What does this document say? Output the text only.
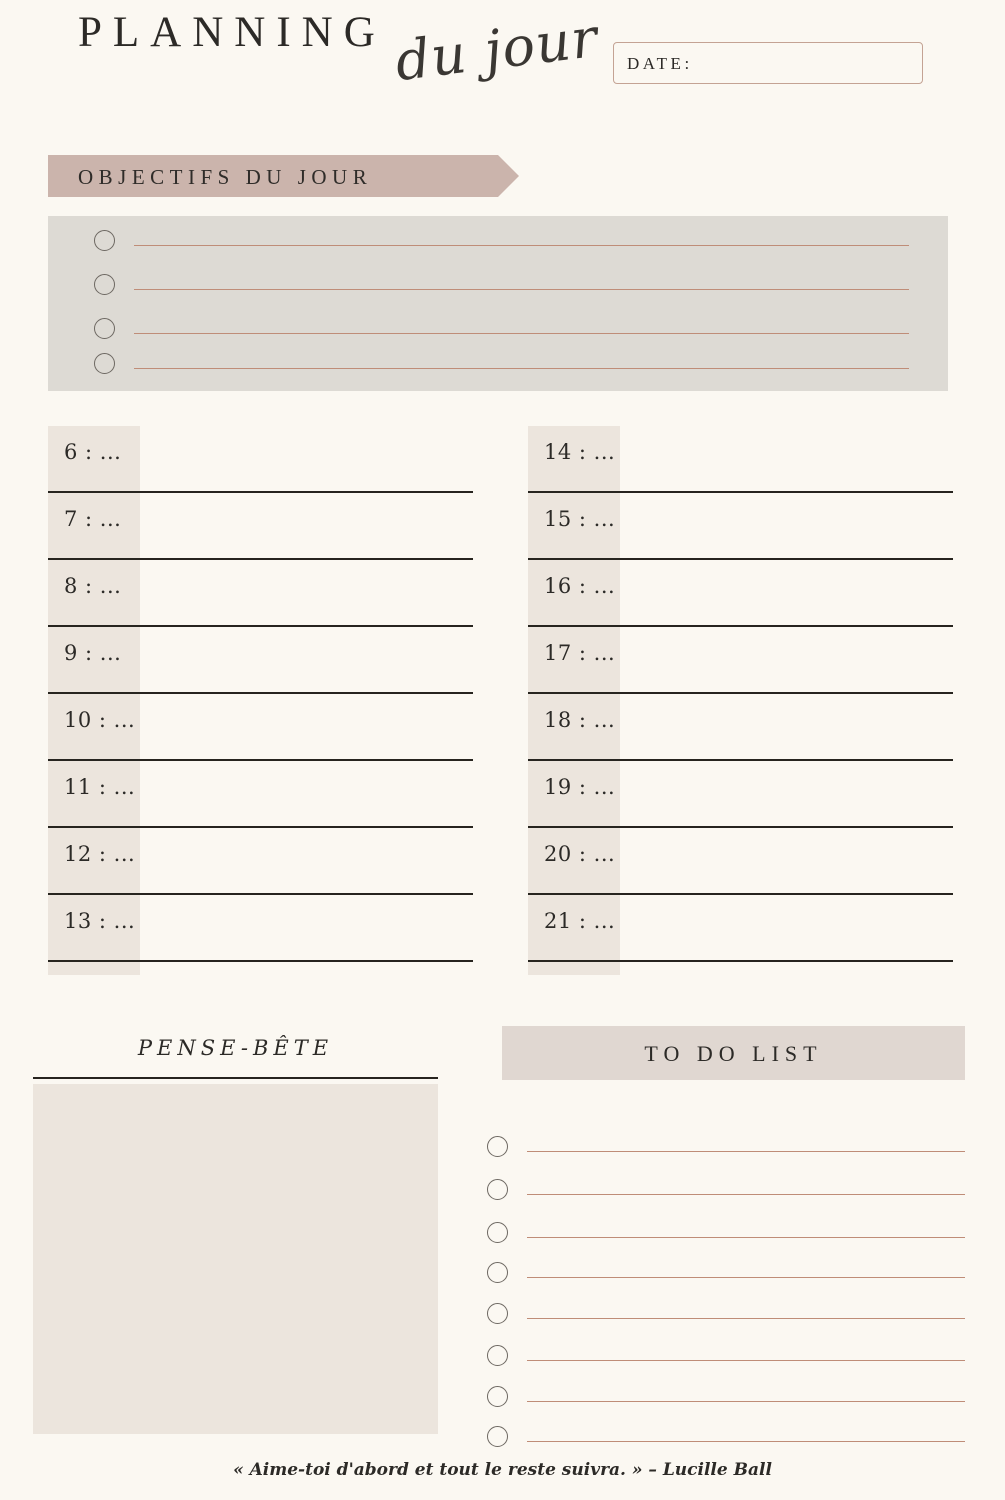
PLANNING du jour DATE:
OBJECTIFS DU JOUR
6 : ...
7 : ...
8 : ...
9 : ...
10 : ...
11 : ...
12 : ...
13 : ...
14 : ...
15 : ...
16 : ...
17 : ...
18 : ...
19 : ...
20 : ...
21 : ...
PENSE-BÊTE	TO DO LIST
« Aime-toi d'abord et tout le reste suivra. » – Lucille Ball
